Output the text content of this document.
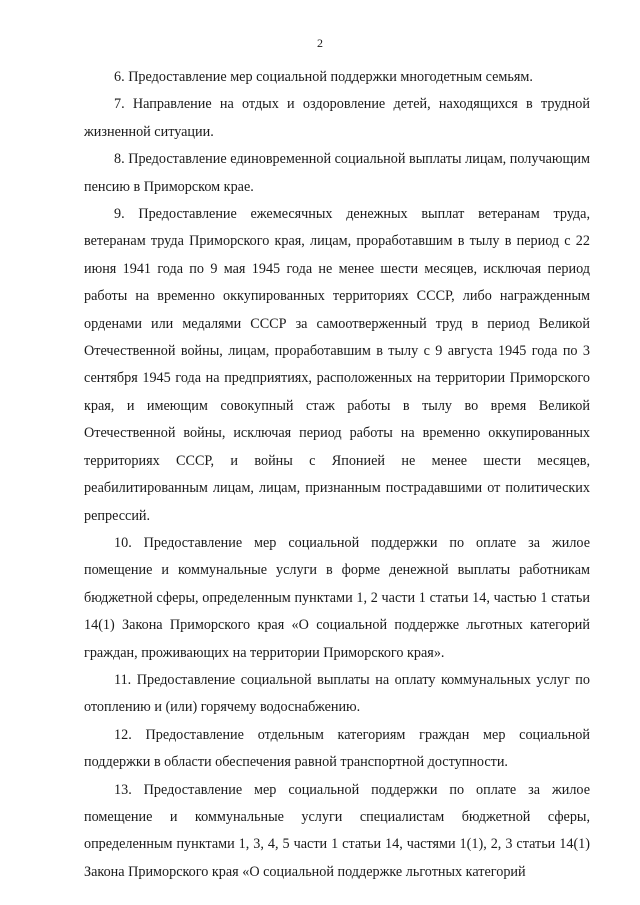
2

6. Предоставление мер социальной поддержки многодетным семьям.

7. Направление на отдых и оздоровление детей, находящихся в трудной жизненной ситуации.

8. Предоставление единовременной социальной выплаты лицам, получающим пенсию в Приморском крае.

9. Предоставление ежемесячных денежных выплат ветеранам труда, ветеранам труда Приморского края, лицам, проработавшим в тылу в период с 22 июня 1941 года по 9 мая 1945 года не менее шести месяцев, исключая период работы на временно оккупированных территориях СССР, либо награжденным орденами или медалями СССР за самоотверженный труд в период Великой Отечественной войны, лицам, проработавшим в тылу с 9 августа 1945 года по 3 сентября 1945 года на предприятиях, расположенных на территории Приморского края, и имеющим совокупный стаж работы в тылу во время Великой Отечественной войны, исключая период работы на временно оккупированных территориях СССР, и войны с Японией не менее шести месяцев, реабилитированным лицам, лицам, признанным пострадавшими от политических репрессий.

10. Предоставление мер социальной поддержки по оплате за жилое помещение и коммунальные услуги в форме денежной выплаты работникам бюджетной сферы, определенным пунктами 1, 2 части 1 статьи 14, частью 1 статьи 14(1) Закона Приморского края «О социальной поддержке льготных категорий граждан, проживающих на территории Приморского края».

11. Предоставление социальной выплаты на оплату коммунальных услуг по отоплению и (или) горячему водоснабжению.

12. Предоставление отдельным категориям граждан мер социальной поддержки в области обеспечения равной транспортной доступности.

13. Предоставление мер социальной поддержки по оплате за жилое помещение и коммунальные услуги специалистам бюджетной сферы, определенным пунктами 1, 3, 4, 5 части 1 статьи 14, частями 1(1), 2, 3 статьи 14(1) Закона Приморского края «О социальной поддержке льготных категорий
